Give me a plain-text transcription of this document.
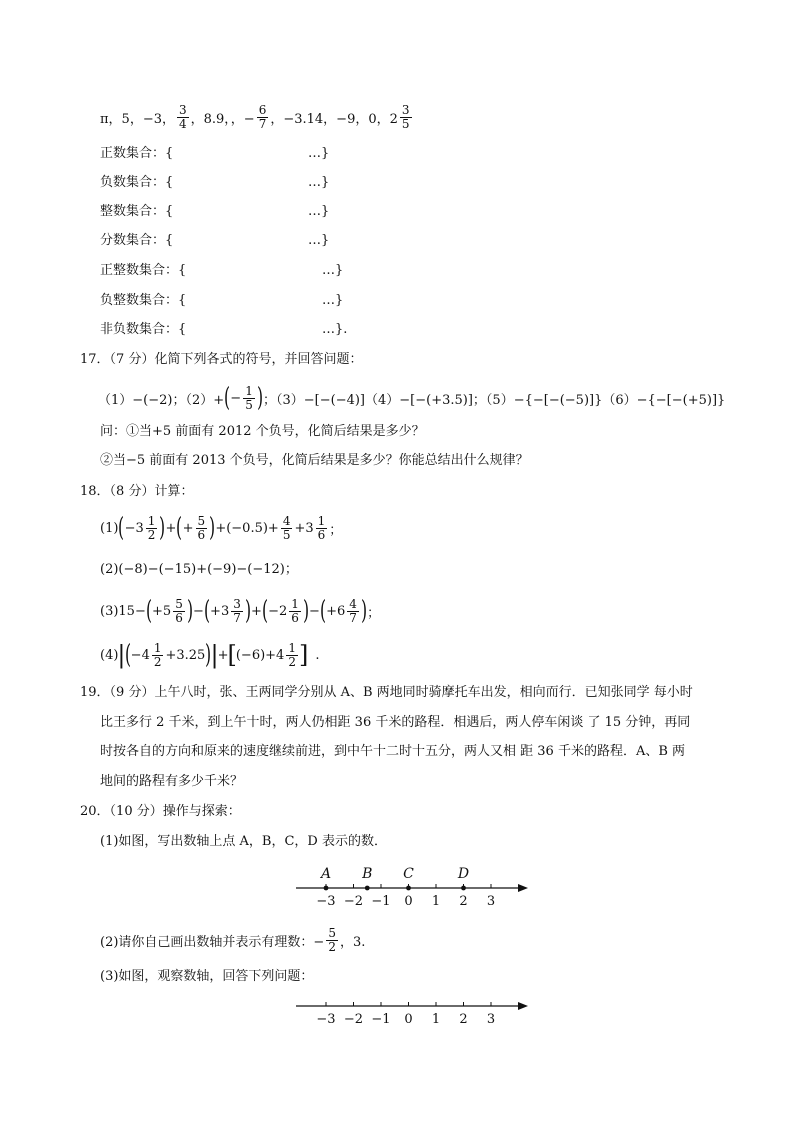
π，5，−3， $\frac{3}{4}$ ，8.9，，− $\frac{6}{7}$ ，−3.14，−9，0，$2 \frac{3}{5}$
正数集合：{	…}
负数集合：{	…}
整数集合：{	…}
分数集合：{	…}
正整数集合：{	…}
负整数集合：{	…}
非负数集合：{	…}.
17．（7 分）化简下列各式的符号，并回答问题：
（1）−(−2)；（2）+ ( − $\frac{1}{5}$ ) ；（3）−[−(−4)]（4）−[−(+3.5)]；（5）−{−[−(−5)]}（6）−{−[−(+5)]}
问：①当+5 前面有 2012 个负号，化简后结果是多少？
②当−5 前面有 2013 个负号，化简后结果是多少？你能总结出什么规律？
18．（8 分）计算：
(1) ( $-3 \frac{1}{2}$ ) + ( + $\frac{5}{6}$ ) $+(-0.5)+ \frac{4}{5} +3 \frac{1}{6}$ ；
(2)(−8)−(−15)+(−9)−(−12)；
(3)15− ( $+5 \frac{5}{6}$ ) − ( $+3 \frac{3}{7}$ ) + ( $-2 \frac{1}{6}$ ) − ( $+6 \frac{4}{7}$ ) ；
(4) | ( $-4 \frac{1}{2} +3.25$ ) | + [ $(-6)+4 \frac{1}{2}$ ] .
19．（9 分）上午八时，张、王两同学分别从 A、B 两地同时骑摩托车出发，相向而行．已知张同学 每小时
比王多行 2 千米，到上午十时，两人仍相距 36 千米的路程．相遇后，两人停车闲谈 了 15 分钟，再同
时按各自的方向和原来的速度继续前进，到中午十二时十五分，两人又相 距 36 千米的路程．A、B 两
地间的路程有多少千米？
20．（10 分）操作与探索：
(1)如图，写出数轴上点 A，B，C，D 表示的数．
−3 −2 −1 0 1 2 3
A B C	D
(2)请你自己画出数轴并表示有理数：− $\frac{5}{2}$ ，3.
(3)如图，观察数轴，回答下列问题：
−3 −2 −1 0 1 2 3
